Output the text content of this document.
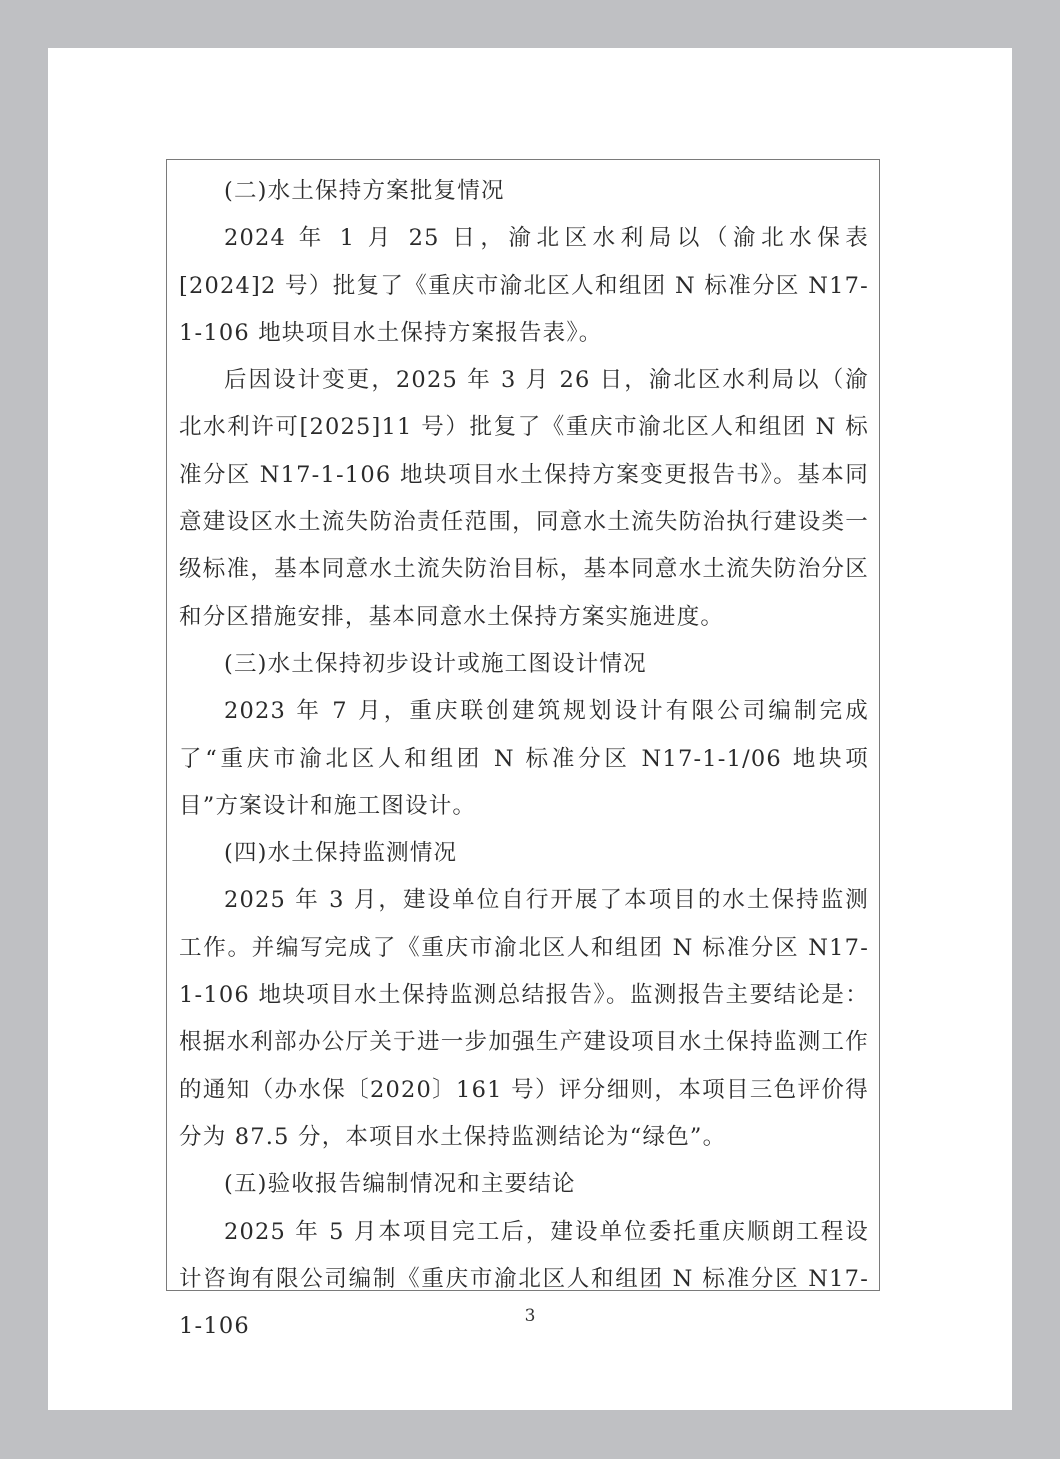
(二)水土保持方案批复情况

2024 年 1 月 25 日，渝北区水利局以（渝北水保表[2024]2 号）批复了《重庆市渝北区人和组团 N 标准分区 N17-1-106 地块项目水土保持方案报告表》。

后因设计变更，2025 年 3 月 26 日，渝北区水利局以（渝北水利许可[2025]11 号）批复了《重庆市渝北区人和组团 N 标准分区 N17-1-106 地块项目水土保持方案变更报告书》。基本同意建设区水土流失防治责任范围，同意水土流失防治执行建设类一级标准，基本同意水土流失防治目标，基本同意水土流失防治分区和分区措施安排，基本同意水土保持方案实施进度。

(三)水土保持初步设计或施工图设计情况

2023 年 7 月，重庆联创建筑规划设计有限公司编制完成了“重庆市渝北区人和组团 N 标准分区 N17-1-1/06 地块项目”方案设计和施工图设计。

(四)水土保持监测情况

2025 年 3 月，建设单位自行开展了本项目的水土保持监测工作。并编写完成了《重庆市渝北区人和组团 N 标准分区 N17-1-106 地块项目水土保持监测总结报告》。监测报告主要结论是：根据水利部办公厅关于进一步加强生产建设项目水土保持监测工作的通知（办水保〔2020〕161 号）评分细则，本项目三色评价得分为 87.5 分，本项目水土保持监测结论为“绿色”。

(五)验收报告编制情况和主要结论

2025 年 5 月本项目完工后，建设单位委托重庆顺朗工程设计咨询有限公司编制《重庆市渝北区人和组团 N 标准分区 N17-1-106	3
